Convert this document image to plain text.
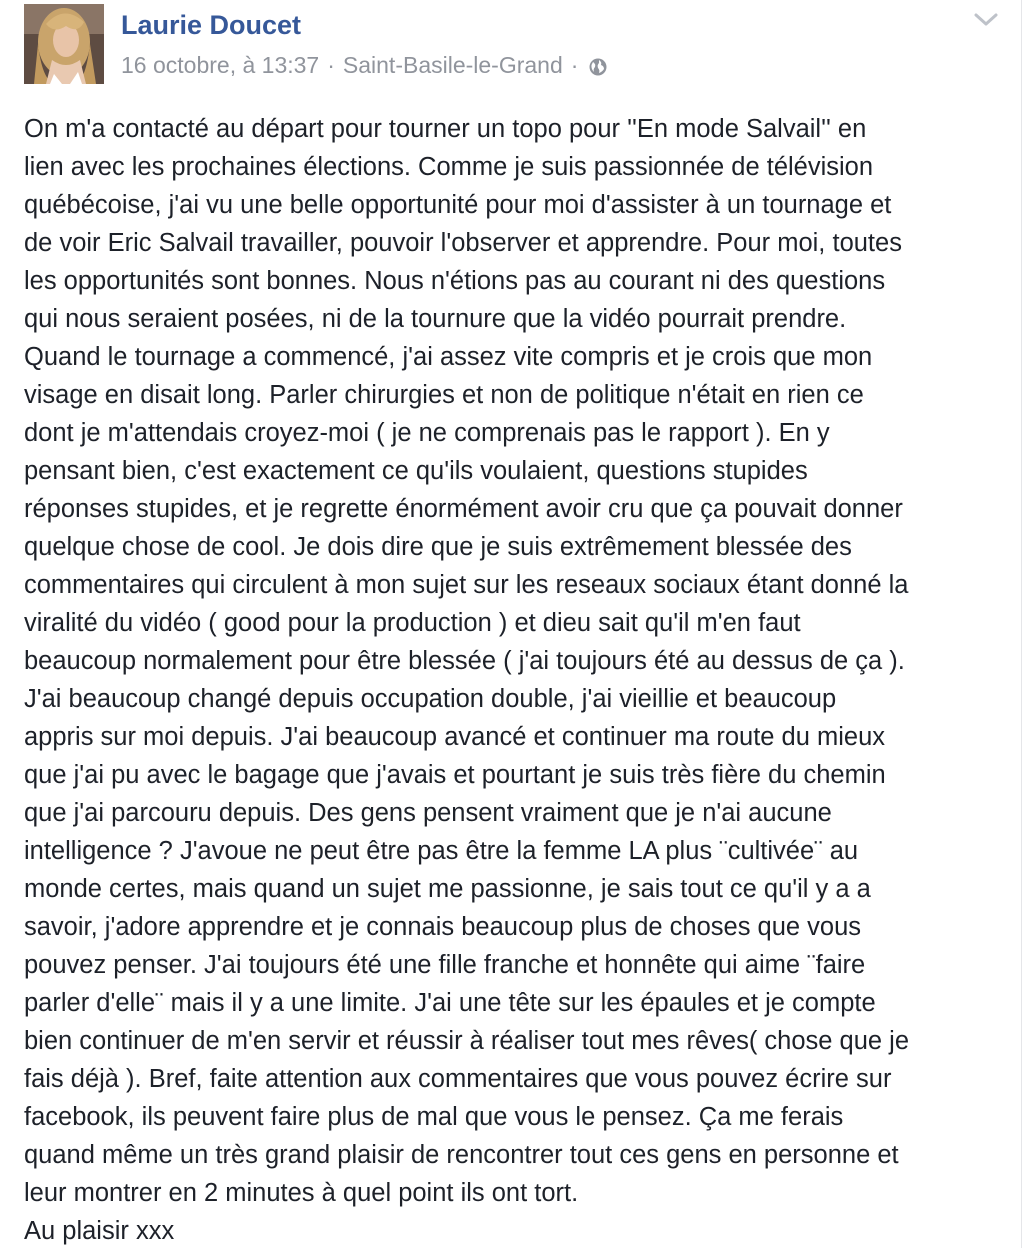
Laurie Doucet
16 octobre, à 13:37 · Saint-Basile-le-Grand ·
On m'a contacté au départ pour tourner un topo pour ''En mode Salvail'' en
lien avec les prochaines élections. Comme je suis passionnée de télévision
québécoise, j'ai vu une belle opportunité pour moi d'assister à un tournage et
de voir Eric Salvail travailler, pouvoir l'observer et apprendre. Pour moi, toutes
les opportunités sont bonnes. Nous n'étions pas au courant ni des questions
qui nous seraient posées, ni de la tournure que la vidéo pourrait prendre.
Quand le tournage a commencé, j'ai assez vite compris et je crois que mon
visage en disait long. Parler chirurgies et non de politique n'était en rien ce
dont je m'attendais croyez-moi ( je ne comprenais pas le rapport ). En y
pensant bien, c'est exactement ce qu'ils voulaient, questions stupides
réponses stupides, et je regrette énormément avoir cru que ça pouvait donner
quelque chose de cool. Je dois dire que je suis extrêmement blessée des
commentaires qui circulent à mon sujet sur les reseaux sociaux étant donné la
viralité du vidéo ( good pour la production ) et dieu sait qu'il m'en faut
beaucoup normalement pour être blessée ( j'ai toujours été au dessus de ça ).
J'ai beaucoup changé depuis occupation double, j'ai vieillie et beaucoup
appris sur moi depuis. J'ai beaucoup avancé et continuer ma route du mieux
que j'ai pu avec le bagage que j'avais et pourtant je suis très fière du chemin
que j'ai parcouru depuis. Des gens pensent vraiment que je n'ai aucune
intelligence ? J'avoue ne peut être pas être la femme LA plus ¨cultivée¨ au
monde certes, mais quand un sujet me passionne, je sais tout ce qu'il y a a
savoir, j'adore apprendre et je connais beaucoup plus de choses que vous
pouvez penser. J'ai toujours été une fille franche et honnête qui aime ¨faire
parler d'elle¨ mais il y a une limite. J'ai une tête sur les épaules et je compte
bien continuer de m'en servir et réussir à réaliser tout mes rêves( chose que je
fais déjà ). Bref, faite attention aux commentaires que vous pouvez écrire sur
facebook, ils peuvent faire plus de mal que vous le pensez. Ça me ferais
quand même un très grand plaisir de rencontrer tout ces gens en personne et
leur montrer en 2 minutes à quel point ils ont tort.
Au plaisir xxx
